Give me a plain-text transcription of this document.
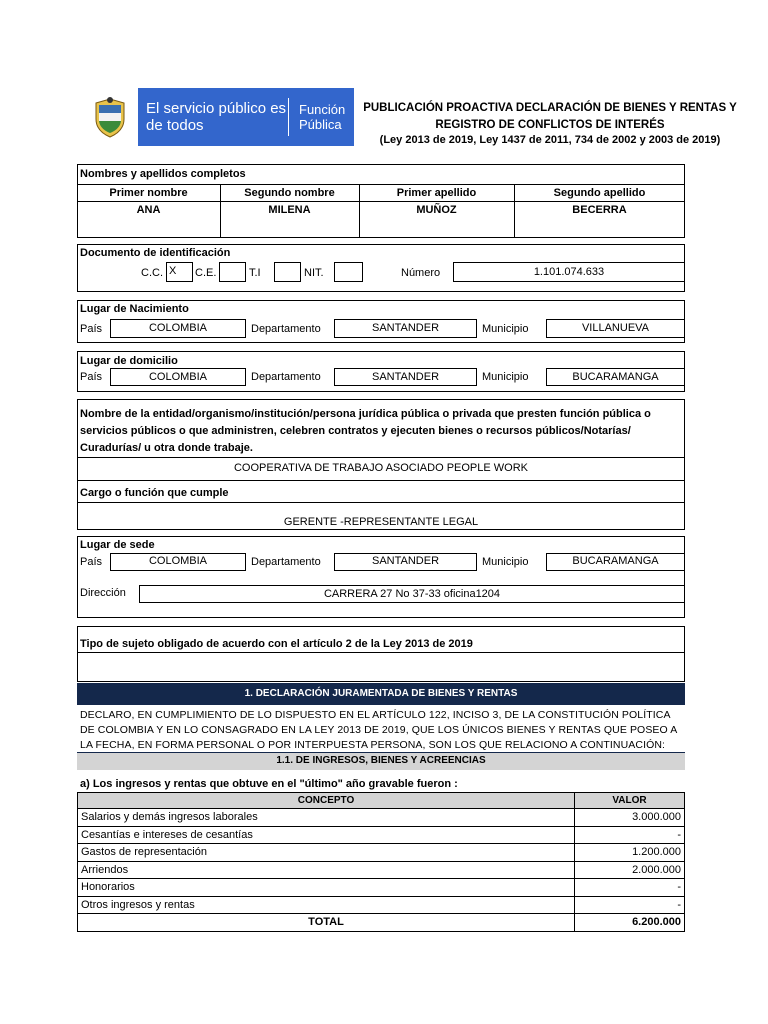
El servicio público es de todos
Función Pública
PUBLICACIÓN PROACTIVA DECLARACIÓN DE BIENES Y RENTAS Y REGISTRO DE CONFLICTOS DE INTERÉS
(Ley 2013 de 2019, Ley 1437 de 2011, 734 de 2002 y 2003 de 2019)
Nombres y apellidos completos
Primer nombre	Segundo nombre	Primer apellido	Segundo apellido
ANA	MILENA	MUÑOZ	BECERRA
Documento de identificación
C.C. X	C.E.	T.I	NIT.	Número	1.101.074.633
Lugar de Nacimiento
País	COLOMBIA	Departamento	SANTANDER	Municipio	VILLANUEVA
Lugar de domicilio
País	COLOMBIA	Departamento	SANTANDER	Municipio	BUCARAMANGA
Nombre de la entidad/organismo/institución/persona jurídica pública o privada que presten función pública o servicios públicos o que administren, celebren contratos y ejecuten bienes o recursos públicos/Notarías/ Curadurías/ u otra donde trabaje.
COOPERATIVA DE TRABAJO ASOCIADO PEOPLE WORK
Cargo o función que cumple
GERENTE -REPRESENTANTE LEGAL
Lugar de sede
País	COLOMBIA	Departamento	SANTANDER	Municipio	BUCARAMANGA
Dirección	CARRERA 27 No 37-33 oficina1204
Tipo de sujeto obligado de acuerdo con el artículo 2 de la Ley 2013 de 2019
1. DECLARACIÓN JURAMENTADA DE BIENES Y RENTAS
DECLARO, EN CUMPLIMIENTO DE LO DISPUESTO EN EL ARTÍCULO 122, INCISO 3, DE LA CONSTITUCIÓN POLÍTICA DE COLOMBIA Y EN LO CONSAGRADO EN LA LEY 2013 DE 2019, QUE LOS ÚNICOS BIENES Y RENTAS QUE POSEO A LA FECHA, EN FORMA PERSONAL O POR INTERPUESTA PERSONA, SON LOS QUE RELACIONO A CONTINUACIÓN:
1.1. DE INGRESOS, BIENES Y ACREENCIAS
a) Los ingresos y rentas que obtuve en el "último" año gravable fueron :
CONCEPTO	VALOR
Salarios y demás ingresos laborales	3.000.000
Cesantías e intereses de cesantías	-
Gastos de representación	1.200.000
Arriendos	2.000.000
Honorarios	-
Otros ingresos y rentas	-
TOTAL	6.200.000
